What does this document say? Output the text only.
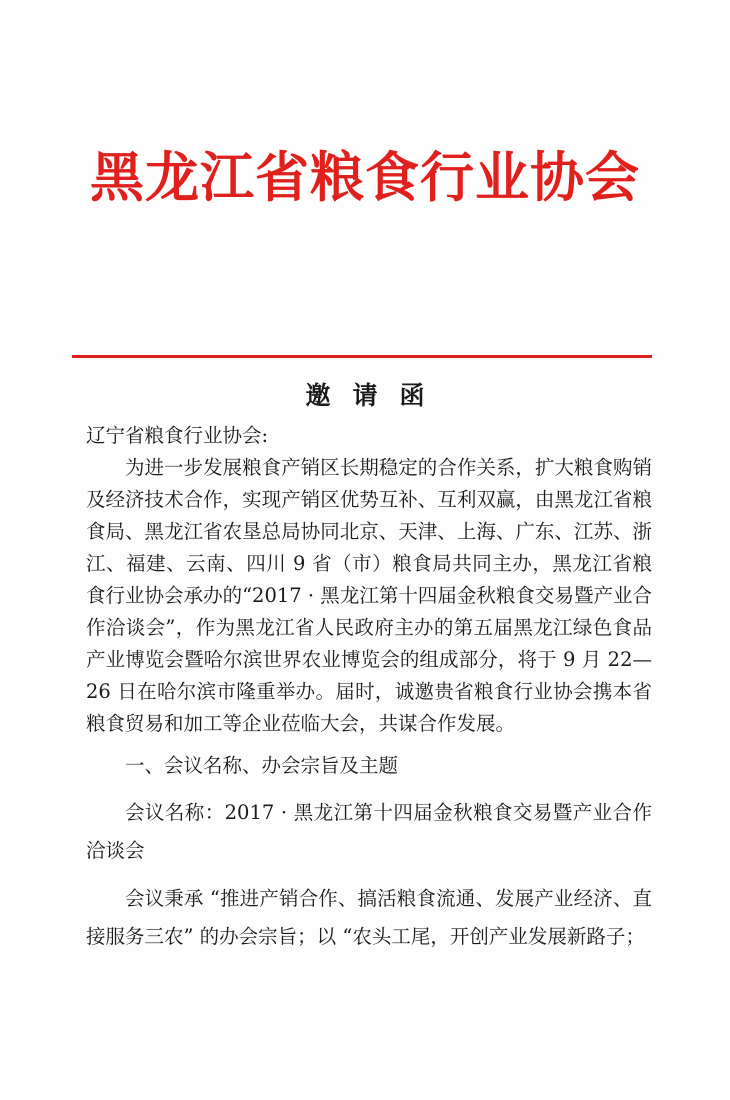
黑龙江省粮食行业协会
邀请函

辽宁省粮食行业协会:

为进一步发展粮食产销区长期稳定的合作关系，扩大粮食购销及经济技术合作，实现产销区优势互补、互利双赢，由黑龙江省粮食局、黑龙江省农垦总局协同北京、天津、上海、广东、江苏、浙江、福建、云南、四川 9 省（市）粮食局共同主办，黑龙江省粮食行业协会承办的“2017 · 黑龙江第十四届金秋粮食交易暨产业合作洽谈会”，作为黑龙江省人民政府主办的第五届黑龙江绿色食品产业博览会暨哈尔滨世界农业博览会的组成部分，将于 9 月 22—26 日在哈尔滨市隆重举办。届时，诚邀贵省粮食行业协会携本省粮食贸易和加工等企业莅临大会，共谋合作发展。

一、会议名称、办会宗旨及主题

会议名称：2017 · 黑龙江第十四届金秋粮食交易暨产业合作洽谈会

会议秉承 “推进产销合作、搞活粮食流通、发展产业经济、直接服务三农” 的办会宗旨；以 “农头工尾，开创产业发展新路子；
